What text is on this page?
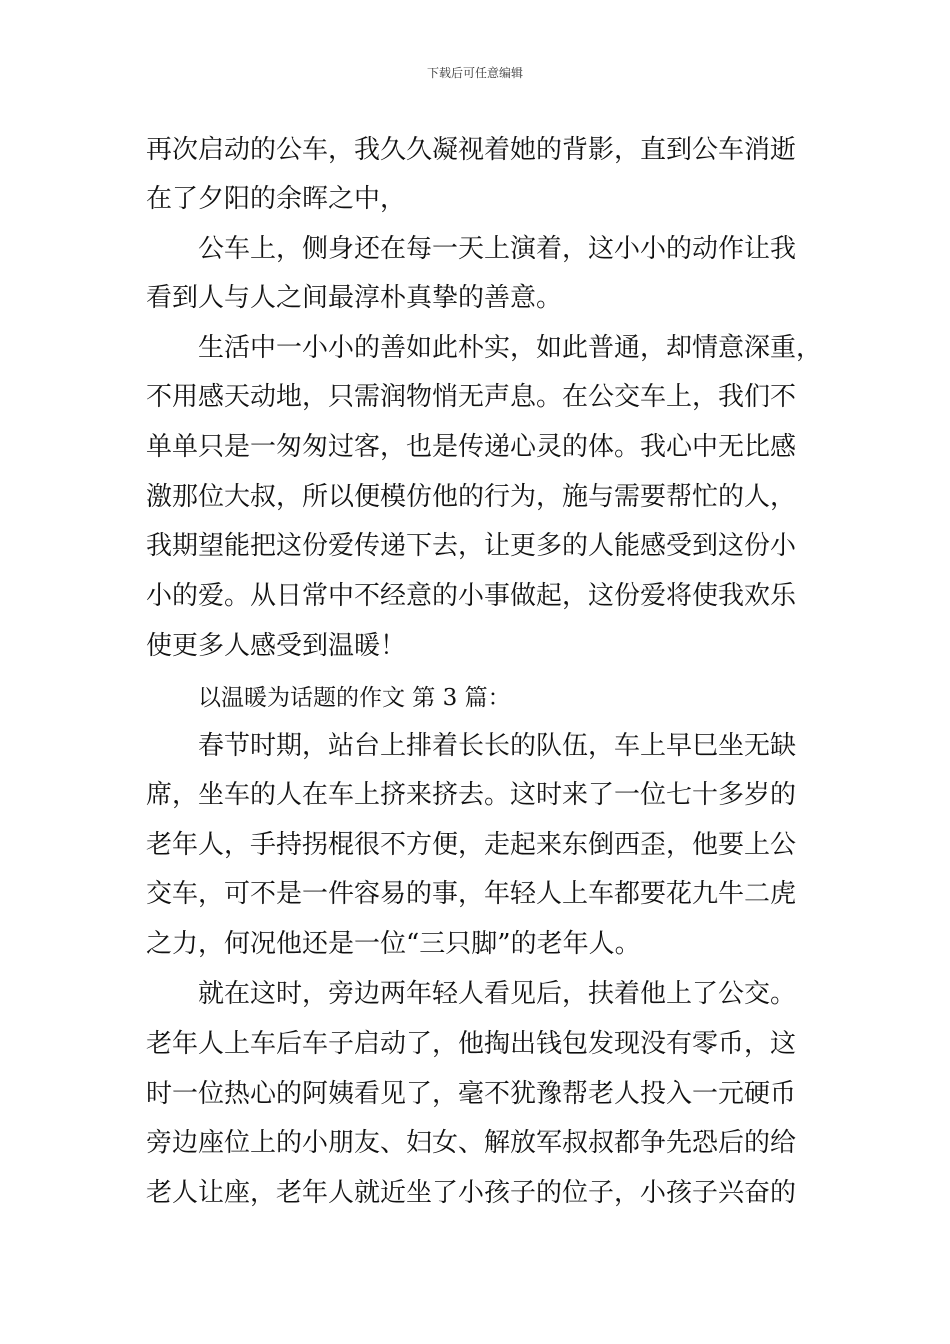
下载后可任意编辑
再次启动的公车，我久久凝视着她的背影，直到公车消逝
在了夕阳的余晖之中，
公车上，侧身还在每一天上演着，这小小的动作让我
看到人与人之间最淳朴真挚的善意。
生活中一小小的善如此朴实，如此普通，却情意深重，
不用感天动地，只需润物悄无声息。在公交车上，我们不
单单只是一匆匆过客，也是传递心灵的体。我心中无比感
激那位大叔，所以便模仿他的行为，施与需要帮忙的人，
我期望能把这份爱传递下去，让更多的人能感受到这份小
小的爱。从日常中不经意的小事做起，这份爱将使我欢乐
使更多人感受到温暖！
以温暖为话题的作文 第 3 篇：
春节时期，站台上排着长长的队伍，车上早巳坐无缺
席，坐车的人在车上挤来挤去。这时来了一位七十多岁的
老年人，手持拐棍很不方便，走起来东倒西歪，他要上公
交车，可不是一件容易的事，年轻人上车都要花九牛二虎
之力，何况他还是一位“三只脚”的老年人。
就在这时，旁边两年轻人看见后，扶着他上了公交。
老年人上车后车子启动了，他掏出钱包发现没有零币，这
时一位热心的阿姨看见了，毫不犹豫帮老人投入一元硬币
旁边座位上的小朋友、妇女、解放军叔叔都争先恐后的给
老人让座，老年人就近坐了小孩子的位子，小孩子兴奋的
